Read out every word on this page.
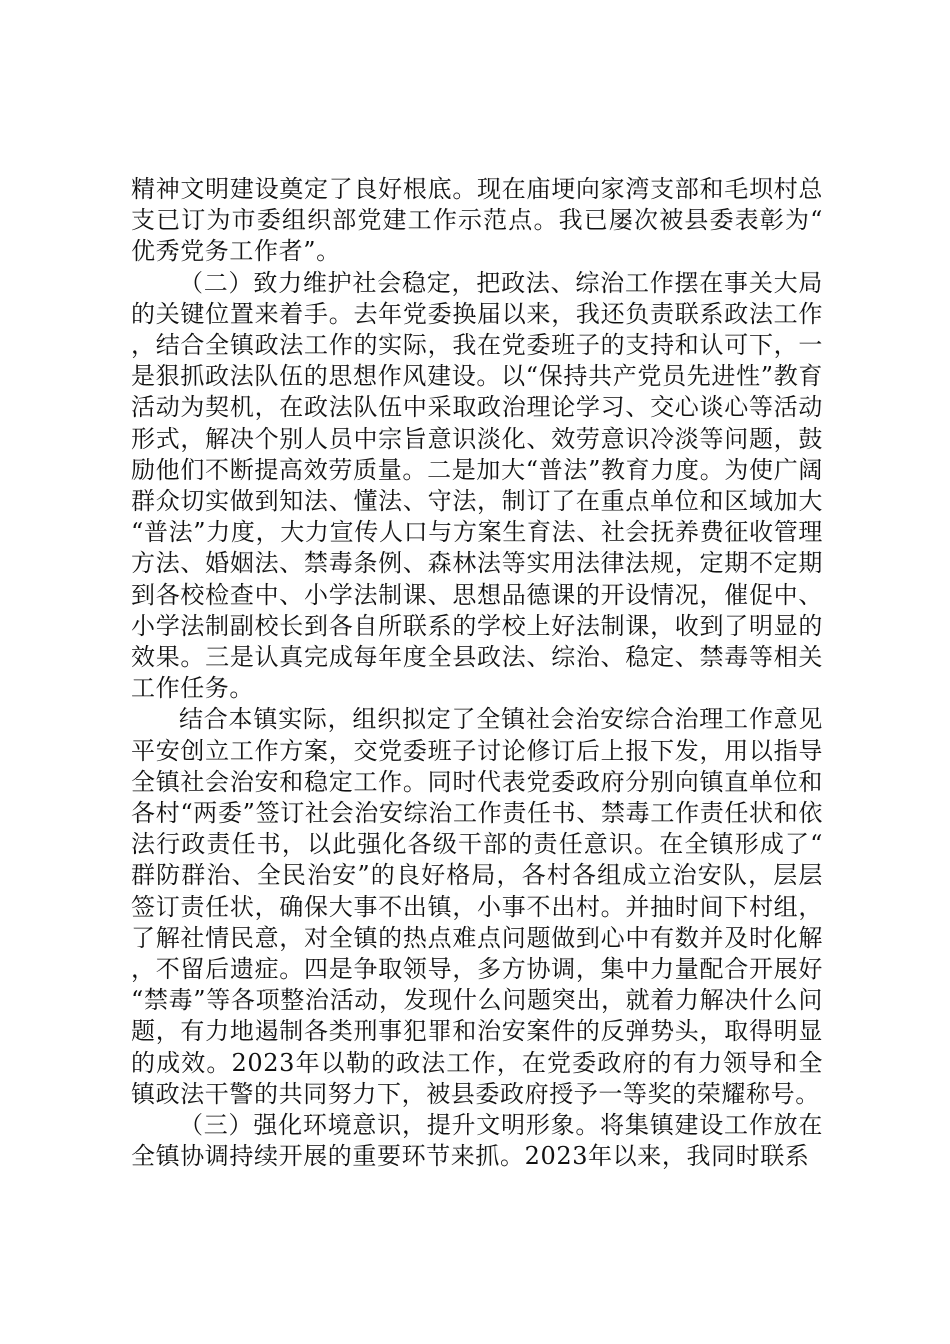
精神文明建设奠定了良好根底。现在庙埂向家湾支部和毛坝村总支已订为市委组织部党建工作示范点。我已屡次被县委表彰为“优秀党务工作者”。

（二）致力维护社会稳定，把政法、综治工作摆在事关大局的关键位置来着手。去年党委换届以来，我还负责联系政法工作，结合全镇政法工作的实际，我在党委班子的支持和认可下，一是狠抓政法队伍的思想作风建设。以“保持共产党员先进性”教育活动为契机，在政法队伍中采取政治理论学习、交心谈心等活动形式，解决个别人员中宗旨意识淡化、效劳意识冷淡等问题，鼓励他们不断提高效劳质量。二是加大“普法”教育力度。为使广阔群众切实做到知法、懂法、守法，制订了在重点单位和区域加大“普法”力度，大力宣传人口与方案生育法、社会抚养费征收管理方法、婚姻法、禁毒条例、森林法等实用法律法规，定期不定期到各校检查中、小学法制课、思想品德课的开设情况，催促中、小学法制副校长到各自所联系的学校上好法制课，收到了明显的效果。三是认真完成每年度全县政法、综治、稳定、禁毒等相关工作任务。

结合本镇实际，组织拟定了全镇社会治安综合治理工作意见平安创立工作方案，交党委班子讨论修订后上报下发，用以指导全镇社会治安和稳定工作。同时代表党委政府分别向镇直单位和各村“两委”签订社会治安综治工作责任书、禁毒工作责任状和依法行政责任书，以此强化各级干部的责任意识。在全镇形成了“群防群治、全民治安”的良好格局，各村各组成立治安队，层层签订责任状，确保大事不出镇，小事不出村。并抽时间下村组，了解社情民意，对全镇的热点难点问题做到心中有数并及时化解，不留后遗症。四是争取领导，多方协调，集中力量配合开展好“禁毒”等各项整治活动，发现什么问题突出，就着力解决什么问题，有力地遏制各类刑事犯罪和治安案件的反弹势头，取得明显的成效。2023年以勒的政法工作，在党委政府的有力领导和全镇政法干警的共同努力下，被县委政府授予一等奖的荣耀称号。

（三）强化环境意识，提升文明形象。将集镇建设工作放在全镇协调持续开展的重要环节来抓。2023年以来，我同时联系
